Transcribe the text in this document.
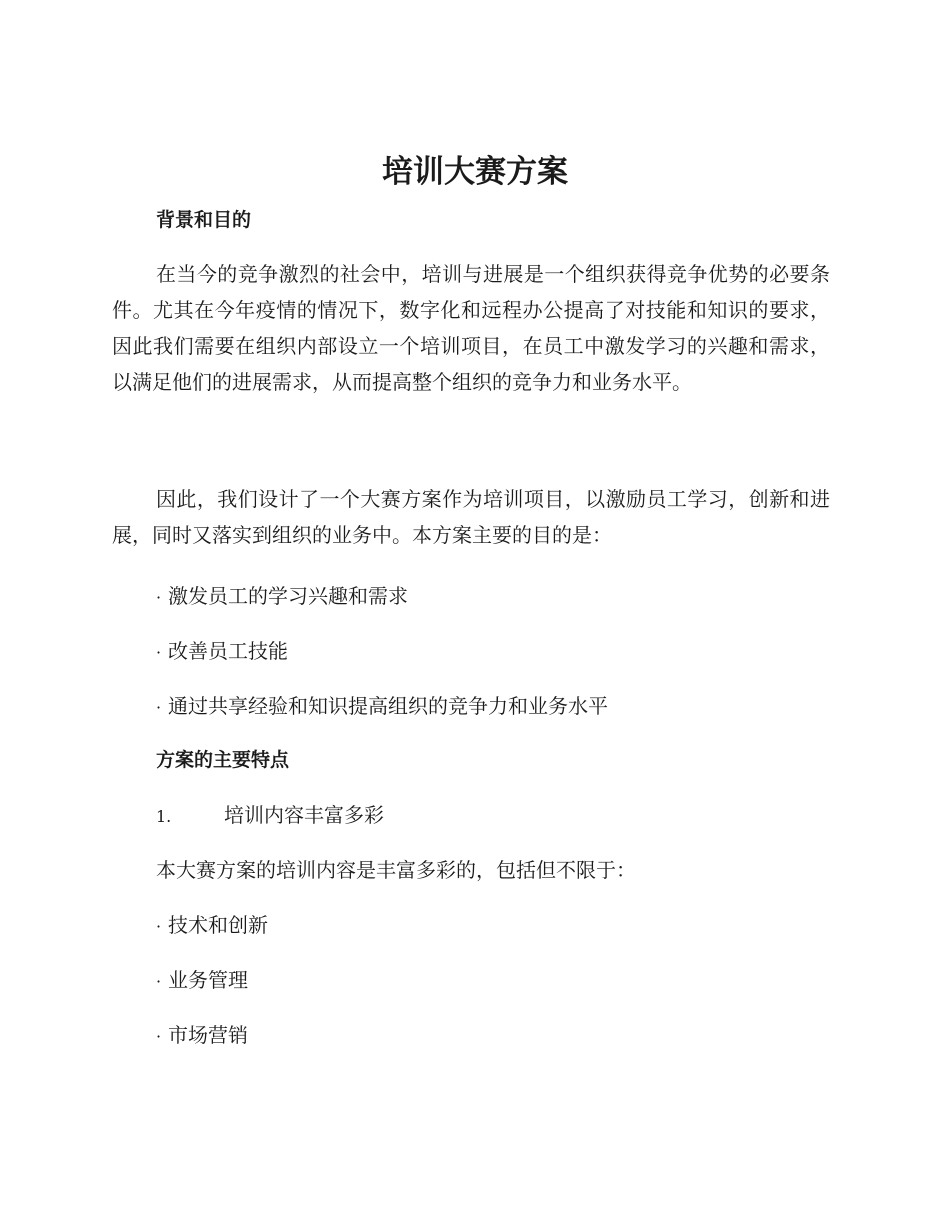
培训大赛方案
背景和目的

在当今的竞争激烈的社会中，培训与进展是一个组织获得竞争优势的必要条件。尤其在今年疫情的情况下，数字化和远程办公提高了对技能和知识的要求，因此我们需要在组织内部设立一个培训项目，在员工中激发学习的兴趣和需求，以满足他们的进展需求，从而提高整个组织的竞争力和业务水平。

因此，我们设计了一个大赛方案作为培训项目，以激励员工学习，创新和进展，同时又落实到组织的业务中。本方案主要的目的是：

· 激发员工的学习兴趣和需求

· 改善员工技能

· 通过共享经验和知识提高组织的竞争力和业务水平

方案的主要特点

1.	培训内容丰富多彩

本大赛方案的培训内容是丰富多彩的，包括但不限于：

· 技术和创新

· 业务管理

· 市场营销
